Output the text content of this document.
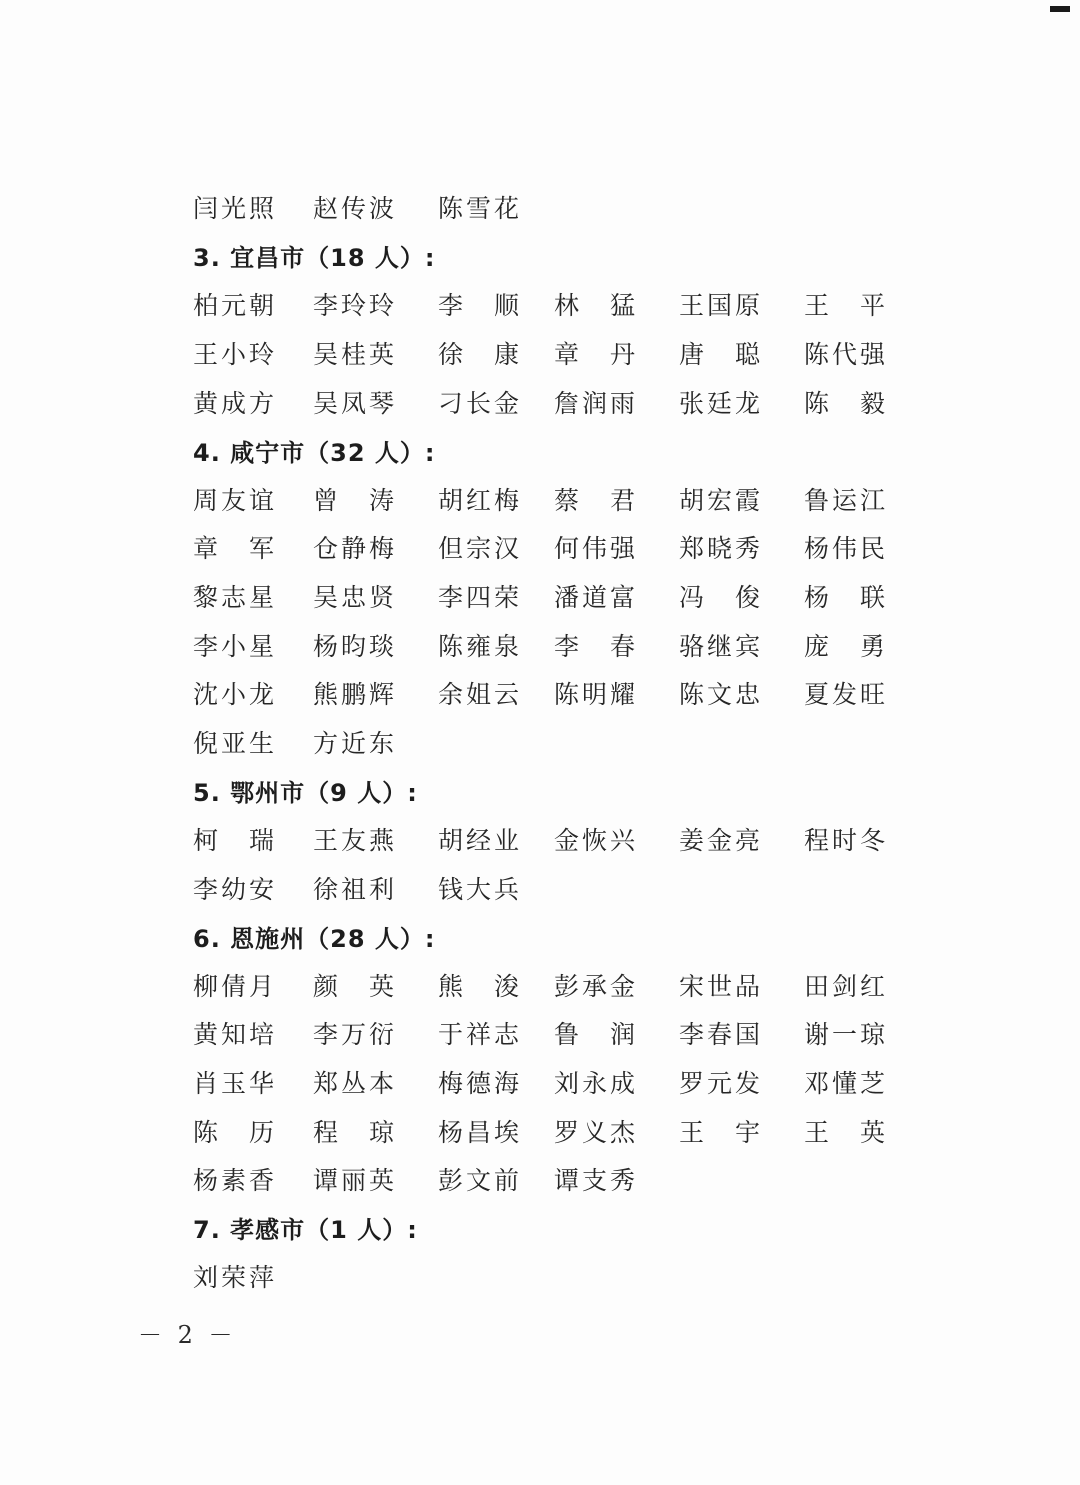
闫光照	赵传波	陈雪花
3. 宜昌市（18 人）:
柏元朝	李玲玲	李　顺	林　猛	王国原	王　平
王小玲	吴桂英	徐　康	章　丹	唐　聪	陈代强
黄成方	吴凤琴	刁长金	詹润雨	张廷龙	陈　毅
4. 咸宁市（32 人）:
周友谊	曾　涛	胡红梅	蔡　君	胡宏霞	鲁运江
章　军	仓静梅	但宗汉	何伟强	郑晓秀	杨伟民
黎志星	吴忠贤	李四荣	潘道富	冯　俊	杨　联
李小星	杨昀琰	陈雍泉	李　春	骆继宾	庞　勇
沈小龙	熊鹏辉	余姐云	陈明耀	陈文忠	夏发旺
倪亚生	方近东
5. 鄂州市（9 人）:
柯　瑞	王友燕	胡经业	金恢兴	姜金亮	程时冬
李幼安	徐祖利	钱大兵
6. 恩施州（28 人）:
柳倩月	颜　英	熊　浚	彭承金	宋世品	田剑红
黄知培	李万衍	于祥志	鲁　润	李春国	谢一琼
肖玉华	郑丛本	梅德海	刘永成	罗元发	邓懂芝
陈　历	程　琼	杨昌埃	罗义杰	王　宇	王　英
杨素香	谭丽英	彭文前	谭支秀
7. 孝感市（1 人）:
刘荣萍
－ 2 －
